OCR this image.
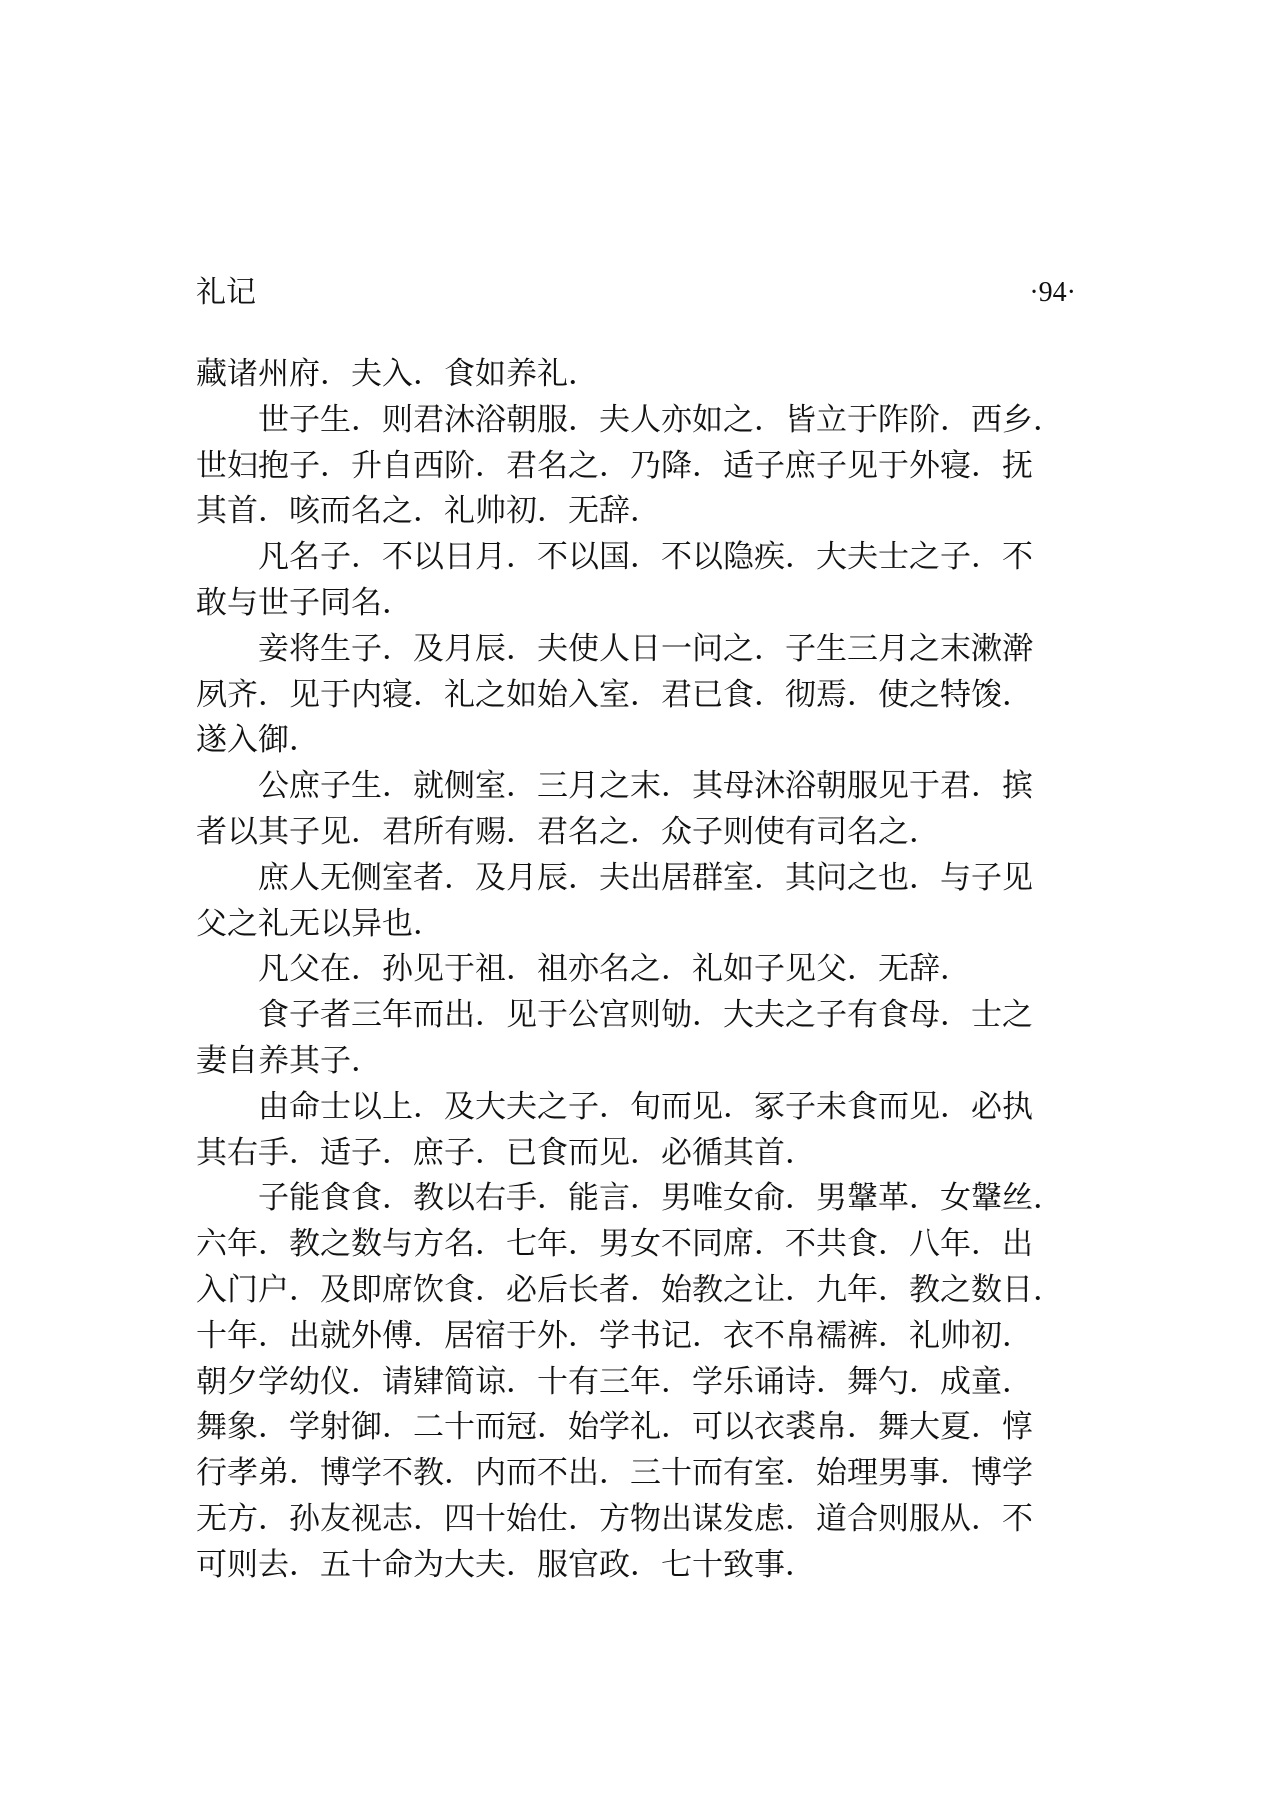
礼记	·94·

藏诸州府．夫入．食如养礼．

世子生．则君沐浴朝服．夫人亦如之．皆立于阼阶．西乡．
世妇抱子．升自西阶．君名之．乃降．适子庶子见于外寝．抚
其首．咳而名之．礼帅初．无辞．

凡名子．不以日月．不以国．不以隐疾．大夫士之子．不
敢与世子同名．

妾将生子．及月辰．夫使人日一问之．子生三月之末漱澣
夙齐．见于内寝．礼之如始入室．君已食．彻焉．使之特馂．
遂入御．

公庶子生．就侧室．三月之末．其母沐浴朝服见于君．摈
者以其子见．君所有赐．君名之．众子则使有司名之．

庶人无侧室者．及月辰．夫出居群室．其问之也．与子见
父之礼无以异也．

凡父在．孙见于祖．祖亦名之．礼如子见父．无辞．

食子者三年而出．见于公宫则劬．大夫之子有食母．士之
妻自养其子．

由命士以上．及大夫之子．旬而见．冢子未食而见．必执
其右手．适子．庶子．已食而见．必循其首．

子能食食．教以右手．能言．男唯女俞．男鞶革．女鞶丝．
六年．教之数与方名．七年．男女不同席．不共食．八年．出
入门户．及即席饮食．必后长者．始教之让．九年．教之数日．
十年．出就外傅．居宿于外．学书记．衣不帛襦裤．礼帅初．
朝夕学幼仪．请肄简谅．十有三年．学乐诵诗．舞勺．成童．
舞象．学射御．二十而冠．始学礼．可以衣裘帛．舞大夏．惇
行孝弟．博学不教．内而不出．三十而有室．始理男事．博学
无方．孙友视志．四十始仕．方物出谋发虑．道合则服从．不
可则去．五十命为大夫．服官政．七十致事．
